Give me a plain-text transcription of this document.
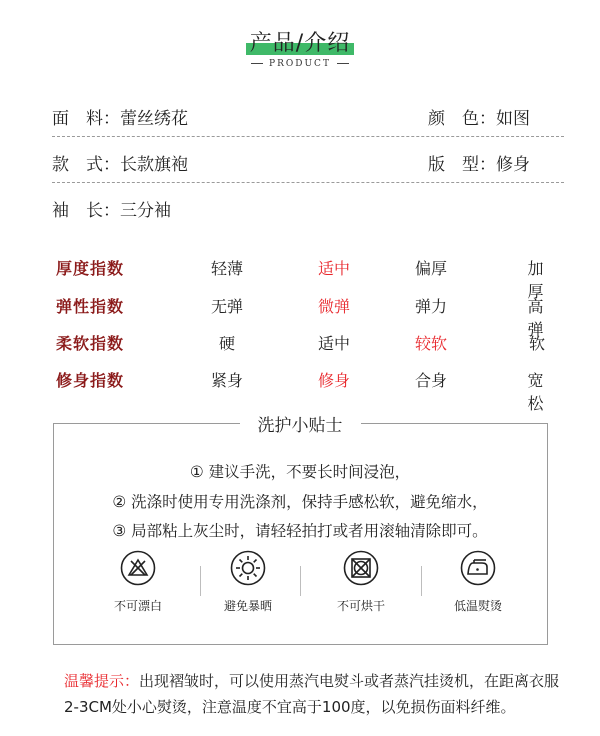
产品/介绍
PRODUCT
面　料：蕾丝绣花	颜　色：如图
款　式：长款旗袍	版　型：修身
袖　长：三分袖
厚度指数	轻薄	适中	偏厚	加厚
弹性指数	无弹	微弹	弹力	高弹
柔软指数	硬	适中	较软	软
修身指数	紧身	修身	合身	宽松
洗护小贴士
① 建议手洗，不要长时间浸泡，
② 洗涤时使用专用洗涤剂，保持手感松软，避免缩水，
③ 局部粘上灰尘时，请轻轻拍打或者用滚轴清除即可。
不可漂白	避免暴晒	不可烘干	低温熨烫
温馨提示：出现褶皱时，可以使用蒸汽电熨斗或者蒸汽挂烫机，在距离衣服2-3CM处小心熨烫，注意温度不宜高于100度，以免损伤面料纤维。
